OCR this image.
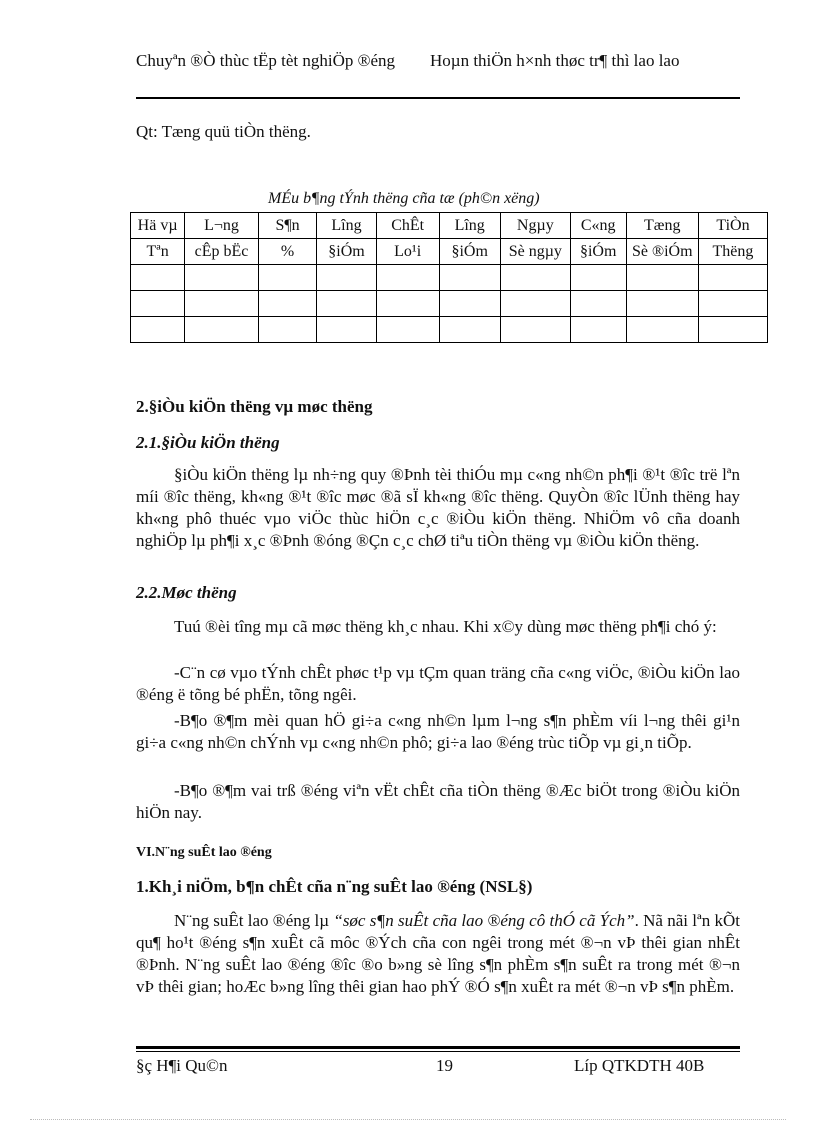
Chuyªn ®Ò thùc tËp tèt nghiÖp ®éng	Hoµn thiÖn h×nh thøc tr¶ thì lao lao
Qt: Tæng quü tiÒn thëng.
MÉu b¶ng tÝnh thëng cña tæ (ph©n xëng)
Hä vµ	L¬ng	S¶n	Lîng	ChÊt	Lîng	Ngµy	C«ng	Tæng	TiÒn
Tªn	cÊp bËc	%	§iÓm	Lo¹i	§iÓm	Sè ngµy	§iÓm	Sè ®iÓm	Thëng

2.§iÒu kiÖn thëng vµ møc thëng
2.1.§iÒu kiÖn thëng
§iÒu kiÖn thëng lµ nh÷ng quy ®Þnh tèi thiÓu mµ c«ng nh©n ph¶i ®¹t ®îc trë lªn míi ®îc thëng, kh«ng ®¹t ®îc møc ®ã sÏ kh«ng ®îc thëng. QuyÒn ®îc lÜnh thëng hay kh«ng phô thuéc vµo viÖc thùc hiÖn c¸c ®iÒu kiÖn thëng. NhiÖm vô cña doanh nghiÖp lµ ph¶i x¸c ®Þnh ®óng ®Çn c¸c chØ tiªu tiÒn thëng vµ ®iÒu kiÖn thëng.
2.2.Møc thëng
Tuú ®èi tîng mµ cã møc thëng kh¸c nhau. Khi x©y dùng møc thëng ph¶i chó ý:
-C¨n cø vµo tÝnh chÊt phøc t¹p vµ tÇm quan träng cña c«ng viÖc, ®iÒu kiÖn lao ®éng ë tõng bé phËn, tõng ngêi.
-B¶o ®¶m mèi quan hÖ gi÷a c«ng nh©n lµm l¬ng s¶n phÈm víi l¬ng thêi gi¹n gi÷a c«ng nh©n chÝnh vµ c«ng nh©n phô; gi÷a lao ®éng trùc tiÕp vµ gi¸n tiÕp.
-B¶o ®¶m vai trß ®éng viªn vËt chÊt cña tiÒn thëng ®Æc biÖt trong ®iÒu kiÖn hiÖn nay.
VI.N¨ng suÊt lao ®éng
1.Kh¸i niÖm, b¶n chÊt cña n¨ng suÊt lao ®éng (NSL§)
N¨ng suÊt lao ®éng lµ “søc s¶n suÊt cña lao ®éng cô thÓ cã Ých”. Nã nãi lªn kÕt qu¶ ho¹t ®éng s¶n xuÊt cã môc ®Ých cña con ngêi trong mét ®¬n vÞ thêi gian nhÊt ®Þnh. N¨ng suÊt lao ®éng ®îc ®o b»ng sè lîng s¶n phÈm s¶n suÊt ra trong mét ®¬n vÞ thêi gian; hoÆc b»ng lîng thêi gian hao phÝ ®Ó s¶n xuÊt ra mét ®¬n vÞ s¶n phÈm.
§ç H¶i Qu©n	19	Líp QTKDTH 40B
